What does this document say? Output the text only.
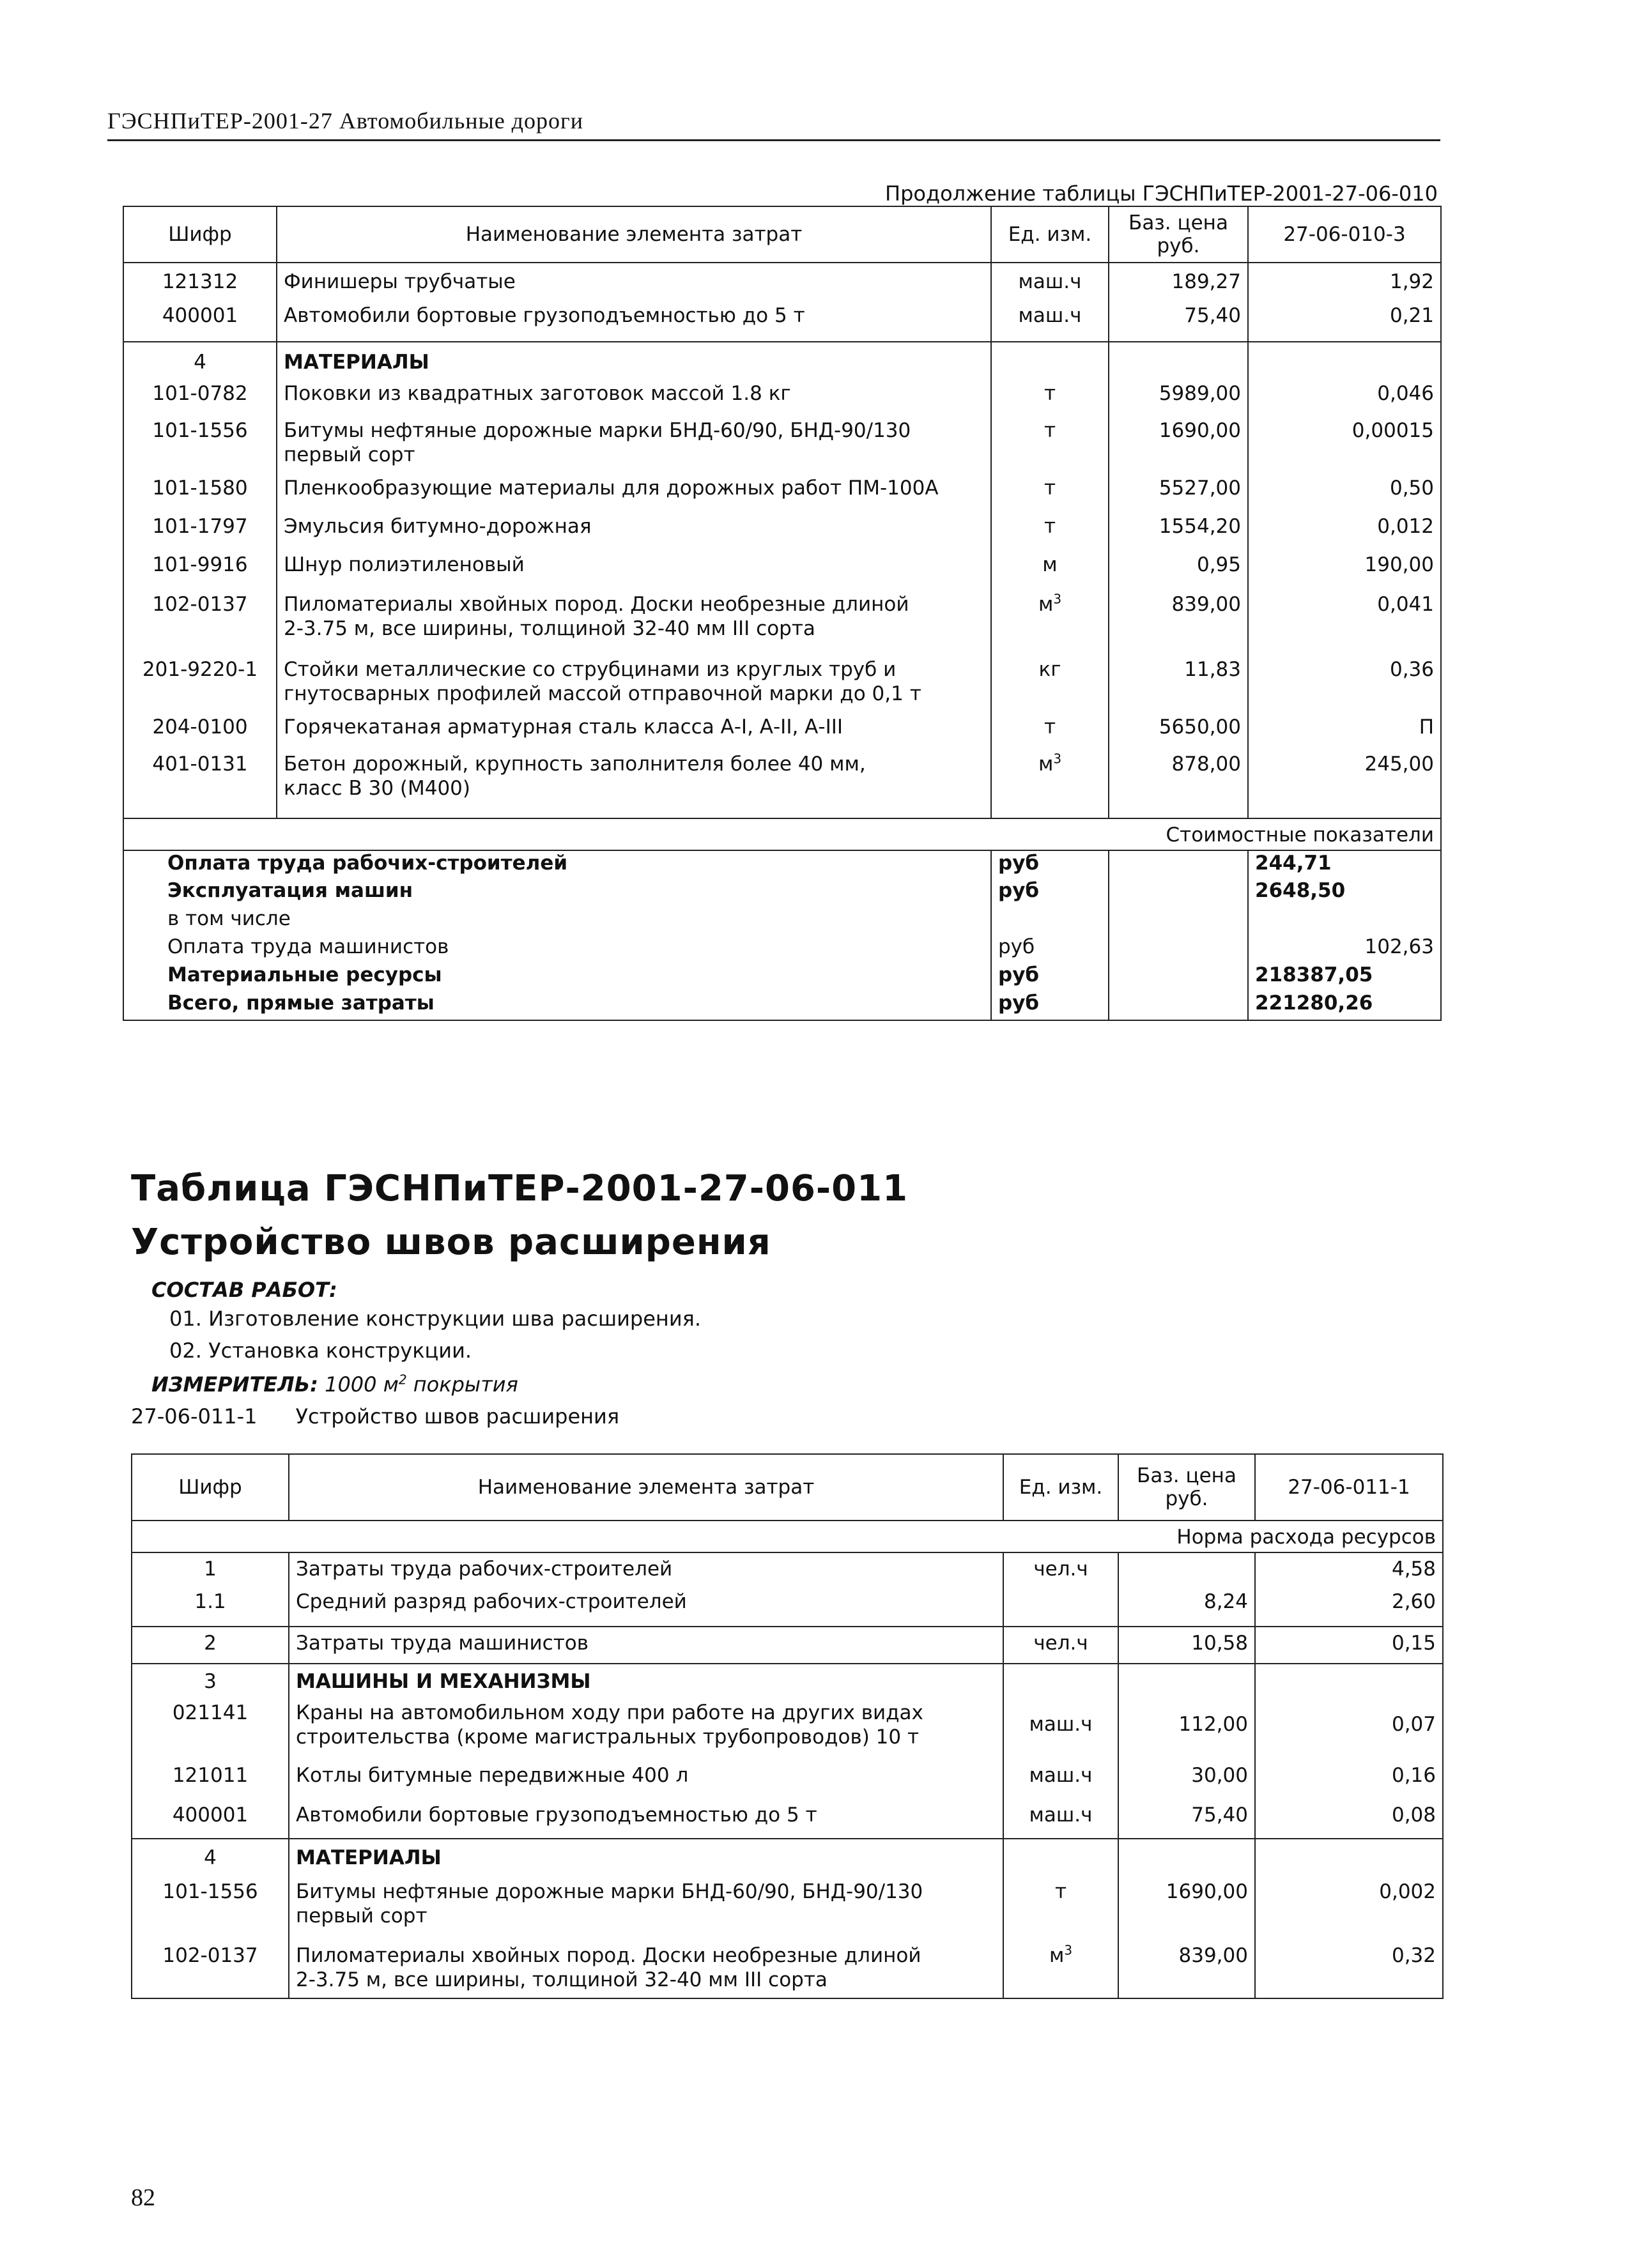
ГЭСНПиТЕР-2001-27 Автомобильные дороги
Продолжение таблицы ГЭСНПиТЕР-2001-27-06-010
Шифр	Наименование элемента затрат	Ед. изм.	Баз. цена руб.	27-06-010-3
121312	Финишеры трубчатые	маш.ч	189,27	1,92
400001	Автомобили бортовые грузоподъемностью до 5 т	маш.ч	75,40	0,21
4	МАТЕРИАЛЫ			
101-0782	Поковки из квадратных заготовок массой 1.8 кг	т	5989,00	0,046
101-1556	Битумы нефтяные дорожные марки БНД-60/90, БНД-90/130
первый сорт	т	1690,00	0,00015
101-1580	Пленкообразующие материалы для дорожных работ ПМ-100А	т	5527,00	0,50
101-1797	Эмульсия битумно-дорожная	т	1554,20	0,012
101-9916	Шнур полиэтиленовый	м	0,95	190,00
102-0137	Пиломатериалы хвойных пород. Доски необрезные длиной
2-3.75 м, все ширины, толщиной 32-40 мм III сорта	$м^3$	839,00	0,041
201-9220-1	Стойки металлические со струбцинами из круглых труб и
гнутосварных профилей массой отправочной марки до 0,1 т	кг	11,83	0,36
204-0100	Горячекатаная арматурная сталь класса А-I, А-II, А-III	т	5650,00	П
401-0131	Бетон дорожный, крупность заполнителя более 40 мм,
класс В 30 (М400)	$м^3$	878,00	245,00
Стоимостные показатели				
Оплата труда рабочих-строителей		руб		244,71
Эксплуатация машин		руб		2648,50
в том числе				
Оплата труда машинистов		руб		102,63
Материальные ресурсы		руб		218387,05
Всего, прямые затраты		руб		221280,26
Таблица ГЭСНПиТЕР-2001-27-06-011
Устройство швов расширения
СОСТАВ РАБОТ:
01. Изготовление конструкции шва расширения.
02. Установка конструкции.
ИЗМЕРИТЕЛЬ: 1000 $м^2$ покрытия
27-06-011-1 Устройство швов расширения
Шифр	Наименование элемента затрат	Ед. изм.	Баз. цена руб.	27-06-011-1
Норма расхода ресурсов				
1	Затраты труда рабочих-строителей	чел.ч		4,58
1.1	Средний разряд рабочих-строителей		8,24	2,60
2	Затраты труда машинистов	чел.ч	10,58	0,15
3	МАШИНЫ И МЕХАНИЗМЫ			
021141	Краны на автомобильном ходу при работе на других видах
строительства (кроме магистральных трубопроводов) 10 т	маш.ч	112,00	0,07
121011	Котлы битумные передвижные 400 л	маш.ч	30,00	0,16
400001	Автомобили бортовые грузоподъемностью до 5 т	маш.ч	75,40	0,08
4	МАТЕРИАЛЫ			
101-1556	Битумы нефтяные дорожные марки БНД-60/90, БНД-90/130
первый сорт	т	1690,00	0,002
102-0137	Пиломатериалы хвойных пород. Доски необрезные длиной
2-3.75 м, все ширины, толщиной 32-40 мм III сорта	$м^3$	839,00	0,32
82
